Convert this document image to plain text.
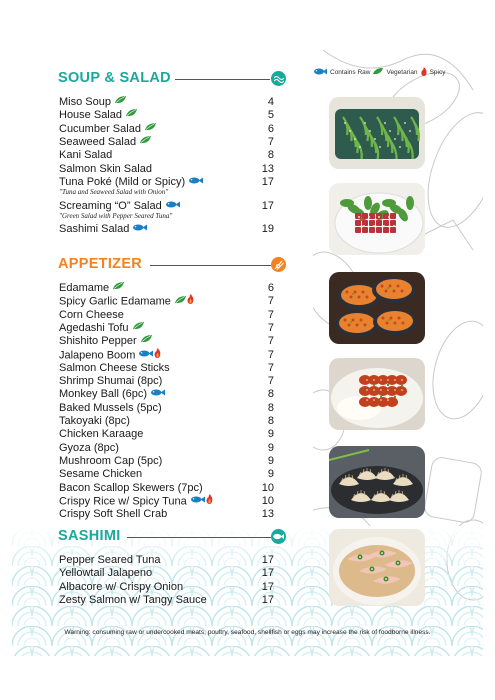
Contains Raw Vegetarian Spicy
SOUP & SALAD
Miso Soup	4
House Salad	5
Cucumber Salad	6
Seaweed Salad	7
Kani Salad	8
Salmon Skin Salad	13
Tuna Poké (Mild or Spicy)	17
"Tuna and Seaweed Salad with Onion"
Screaming “O” Salad	17
"Green Salad with Pepper Seared Tuna"
Sashimi Salad	19
APPETIZER
Edamame	6
Spicy Garlic Edamame	7
Corn Cheese	7
Agedashi Tofu	7
Shishito Pepper	7
Jalapeno Boom	7
Salmon Cheese Sticks	7
Shrimp Shumai (8pc)	7
Monkey Ball (6pc)	8
Baked Mussels (5pc)	8
Takoyaki (8pc)	8
Chicken Karaage	9
Gyoza (8pc)	9
Mushroom Cap (5pc)	9
Sesame Chicken	9
Bacon Scallop Skewers (7pc)	10
Crispy Rice w/ Spicy Tuna	10
Crispy Soft Shell Crab	13
SASHIMI
Pepper Seared Tuna	17
Yellowtail Jalapeno	17
Albacore w/ Crispy Onion	17
Zesty Salmon w/ Tangy Sauce	17
Warning: consuming raw or undercooked meats, poultry, seafood, shellfish or eggs may increase the risk of foodborne illness.
